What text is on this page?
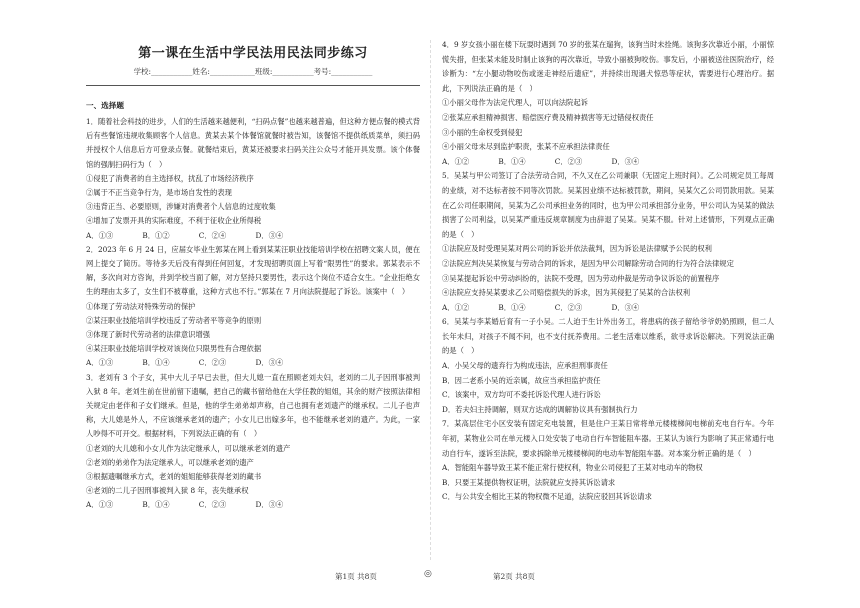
第一课在生活中学民法用民法同步练习

学校:___________姓名:____________班级:___________考号:___________

一、选择题

1．随着社会科技的进步，人们的生活越来越便利，“扫码点餐”也越来越普遍，但这种方便点餐的模式背后有些餐馆违规收集顾客个人信息。黄某去某个体餐馆就餐时被告知，该餐馆不提供纸质菜单，须扫码并授权个人信息后方可登录点餐。就餐结束后，黄某还被要求扫码关注公众号才能开具发票。该个体餐馆的强制扫码行为（　）

①侵犯了消费者的自主选择权，扰乱了市场经济秩序

②属于不正当竞争行为，是市场自发性的表现

③违背正当、必要原则，涉嫌对消费者个人信息的过度收集

④增加了发票开具的实际难度，不利于征收企业所得税

A．①③　　　　B．①②　　　　C．②④　　　　D．③④

2．2023 年 6 月 24 日，应届女毕业生郭某在网上看到某某汪职业技能培训学校在招聘文案人员，便在网上提交了简历。等待多天后没有得到任何回复，才发现招聘页面上写着“限男性”的要求。郭某表示不解，多次向对方咨询，并到学校当面了解，对方坚持只要男性，表示这个岗位不适合女生。“企业拒绝女生的理由太多了，女生们不被尊重，这种方式也不行。”郭某在 7 月向法院提起了诉讼。该案中（　）

①体现了劳动法对特殊劳动的保护

②某汪职业技能培训学校违反了劳动者平等竞争的原则

③体现了新时代劳动者的法律意识增强

④某汪职业技能培训学校对该岗位只限男性有合理依据

A．①③　　　　B．①④　　　　C．②③　　　　D．③④

3．老刘有 3 个子女，其中大儿子早已去世，但大儿媳一直在照顾老刘夫妇，老刘的二儿子因刑事被判入狱 8 年。老刘生前在世前留下遗嘱，把自己的藏书留给他在大学任教的姐姐，其余的财产按照法律相关规定由老伴和子女们继承。但是，他的学生弟弟却声称，自己也拥有老刘遗产的继承权。二儿子也声称，大儿媳是外人，不应该继承老刘的遗产；小女儿已出嫁多年，也不能继承老刘的遗产。为此，一家人吵得不可开交。根据材料，下列说法正确的有（　）

①老刘的大儿媳和小女儿作为法定继承人，可以继承老刘的遗产

②老刘的弟弟作为法定继承人，可以继承老刘的遗产

③根据遗嘱继承方式，老刘的姐姐能够获得老刘的藏书

④老刘的二儿子因刑事被判入狱 8 年，丧失继承权

A．①③　　　　B．①④　　　　C．②③　　　　D．③④

4．9 岁女孩小丽在楼下玩耍时遇到 70 岁的张某在遛狗，该狗当时未拴绳。该狗多次靠近小丽，小丽惊慌失措，但张某未能及时制止该狗的再次靠近，导致小丽被狗咬伤。事发后，小丽被送往医院治疗，经诊断为：“左小腿动物咬伤或迷走神经后遗症”，并持续出现遇犬惊恐等症状，需要进行心理治疗。据此，下列说法正确的是（　）

①小丽父母作为法定代理人，可以向法院起诉

②张某应承担精神损害、赔偿医疗费及精神损害等无过错侵权责任

③小丽的生命权受到侵犯

④小丽父母未尽到监护职责，张某不应承担法律责任

A．①②　　　　B．①④　　　　C．②③　　　　D．③④

5．吴某与甲公司签订了合法劳动合同，不久又在乙公司兼职（无固定上班时间）。乙公司规定员工每周的业绩，对不达标者按不同等次罚款。吴某因业绩不达标被罚款，期间，吴某欠乙公司罚款用款。吴某在乙公司任职期间，吴某为乙公司承担业务的同时，也为甲公司承担部分业务，甲公司认为吴某的做法损害了公司利益，以吴某严重违反规章制度为由辞退了吴某。吴某不服。针对上述情形，下列观点正确的是（　）

①法院应及时受理吴某对两公司的诉讼并依法裁判，因为诉讼是法律赋予公民的权利

②法院应判决吴某恢复与劳动合同的诉求，是因为甲公司解除劳动合同的行为符合法律规定

③吴某提起诉讼中劳动纠纷的，法院不受理，因为劳动仲裁是劳动争议诉讼的前置程序

④法院应支持吴某要求乙公司赔偿损失的诉求，因为其侵犯了吴某的合法权利

A．①②　　　　B．①④　　　　C．②③　　　　D．③④

6．吴某与李某婚后育有一子小吴。二人迫于生计外出务工，将患病的孩子留给爷爷奶奶照顾，但二人长年未归，对孩子不闻不问，也不支付抚养费用。二老生活难以维系，欲寻求诉讼解决。下列说法正确的是（　）

A．小吴父母的遗弃行为构成违法，应承担刑事责任

B．因二老系小吴的近亲属，故应当承担监护责任

C．该案中，双方均可不委托诉讼代理人进行诉讼

D．若夫妇主持调解，则双方达成的调解协议具有强制执行力

7．某高层住宅小区安装有固定充电装置，但是住户王某日常将单元楼楼梯间电梯前充电自行车。今年年初，某物业公司在单元楼入口处安装了电动自行车智能阻车器。王某认为该行为影响了其正常通行电动自行车，遂诉至法院，要求拆除单元楼楼梯间的电动车智能阻车器。对本案分析正确的是（　）

A．智能阻车器导致王某不能正常行使权利，物业公司侵犯了王某对电动车的物权

B．只要王某提供物权证明，法院就应支持其诉讼请求

C．与公共安全相比王某的物权微不足道，法院应驳回其诉讼请求

第1页 共8页	◎	第2页 共8页
